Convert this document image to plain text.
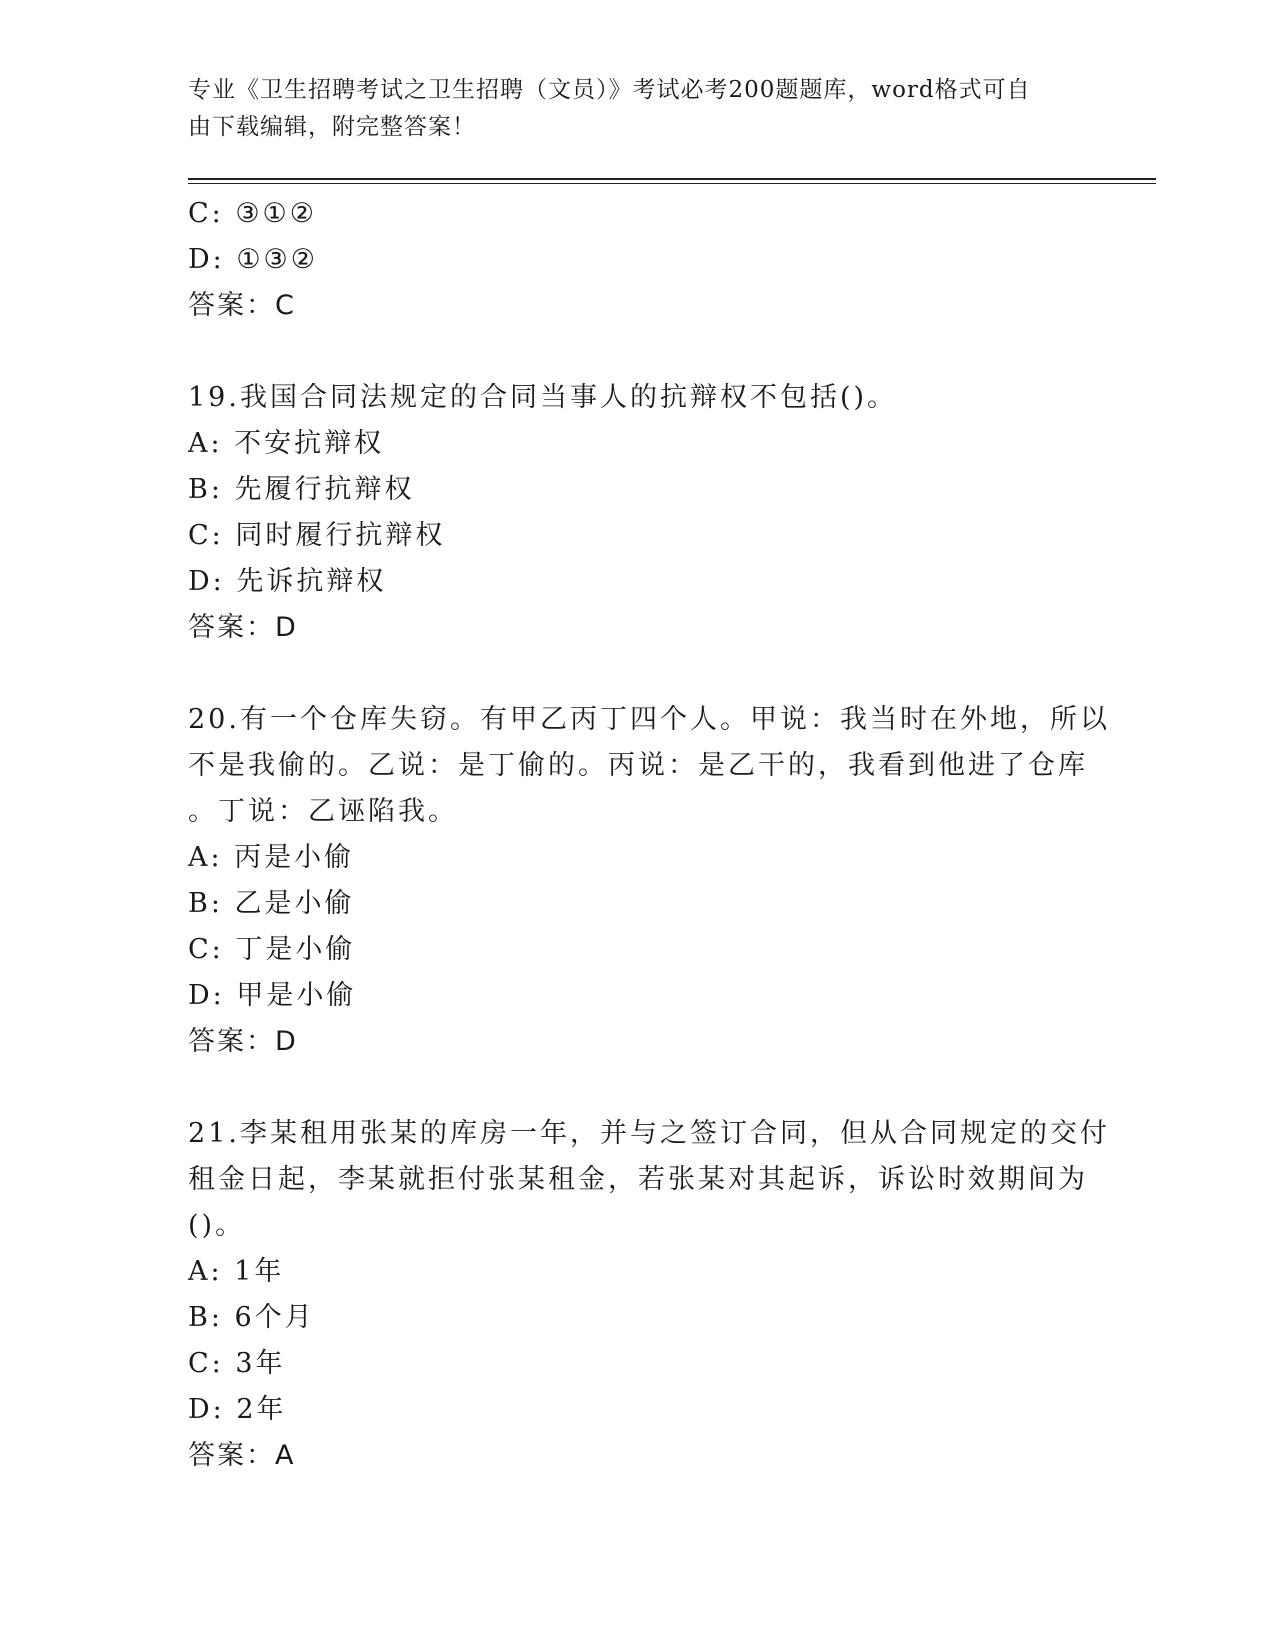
专业《卫生招聘考试之卫生招聘（文员）》考试必考200题题库，word格式可自
由下载编辑，附完整答案！
C: ③①②
D: ①③②
答案：C
19.我国合同法规定的合同当事人的抗辩权不包括()。
A: 不安抗辩权
B: 先履行抗辩权
C: 同时履行抗辩权
D: 先诉抗辩权
答案：D
20.有一个仓库失窃。有甲乙丙丁四个人。甲说：我当时在外地，所以
不是我偷的。乙说：是丁偷的。丙说：是乙干的，我看到他进了仓库
。丁说：乙诬陷我。
A: 丙是小偷
B: 乙是小偷
C: 丁是小偷
D: 甲是小偷
答案：D
21.李某租用张某的库房一年，并与之签订合同，但从合同规定的交付
租金日起，李某就拒付张某租金，若张某对其起诉，诉讼时效期间为
()。
A: 1年
B: 6个月
C: 3年
D: 2年
答案：A
